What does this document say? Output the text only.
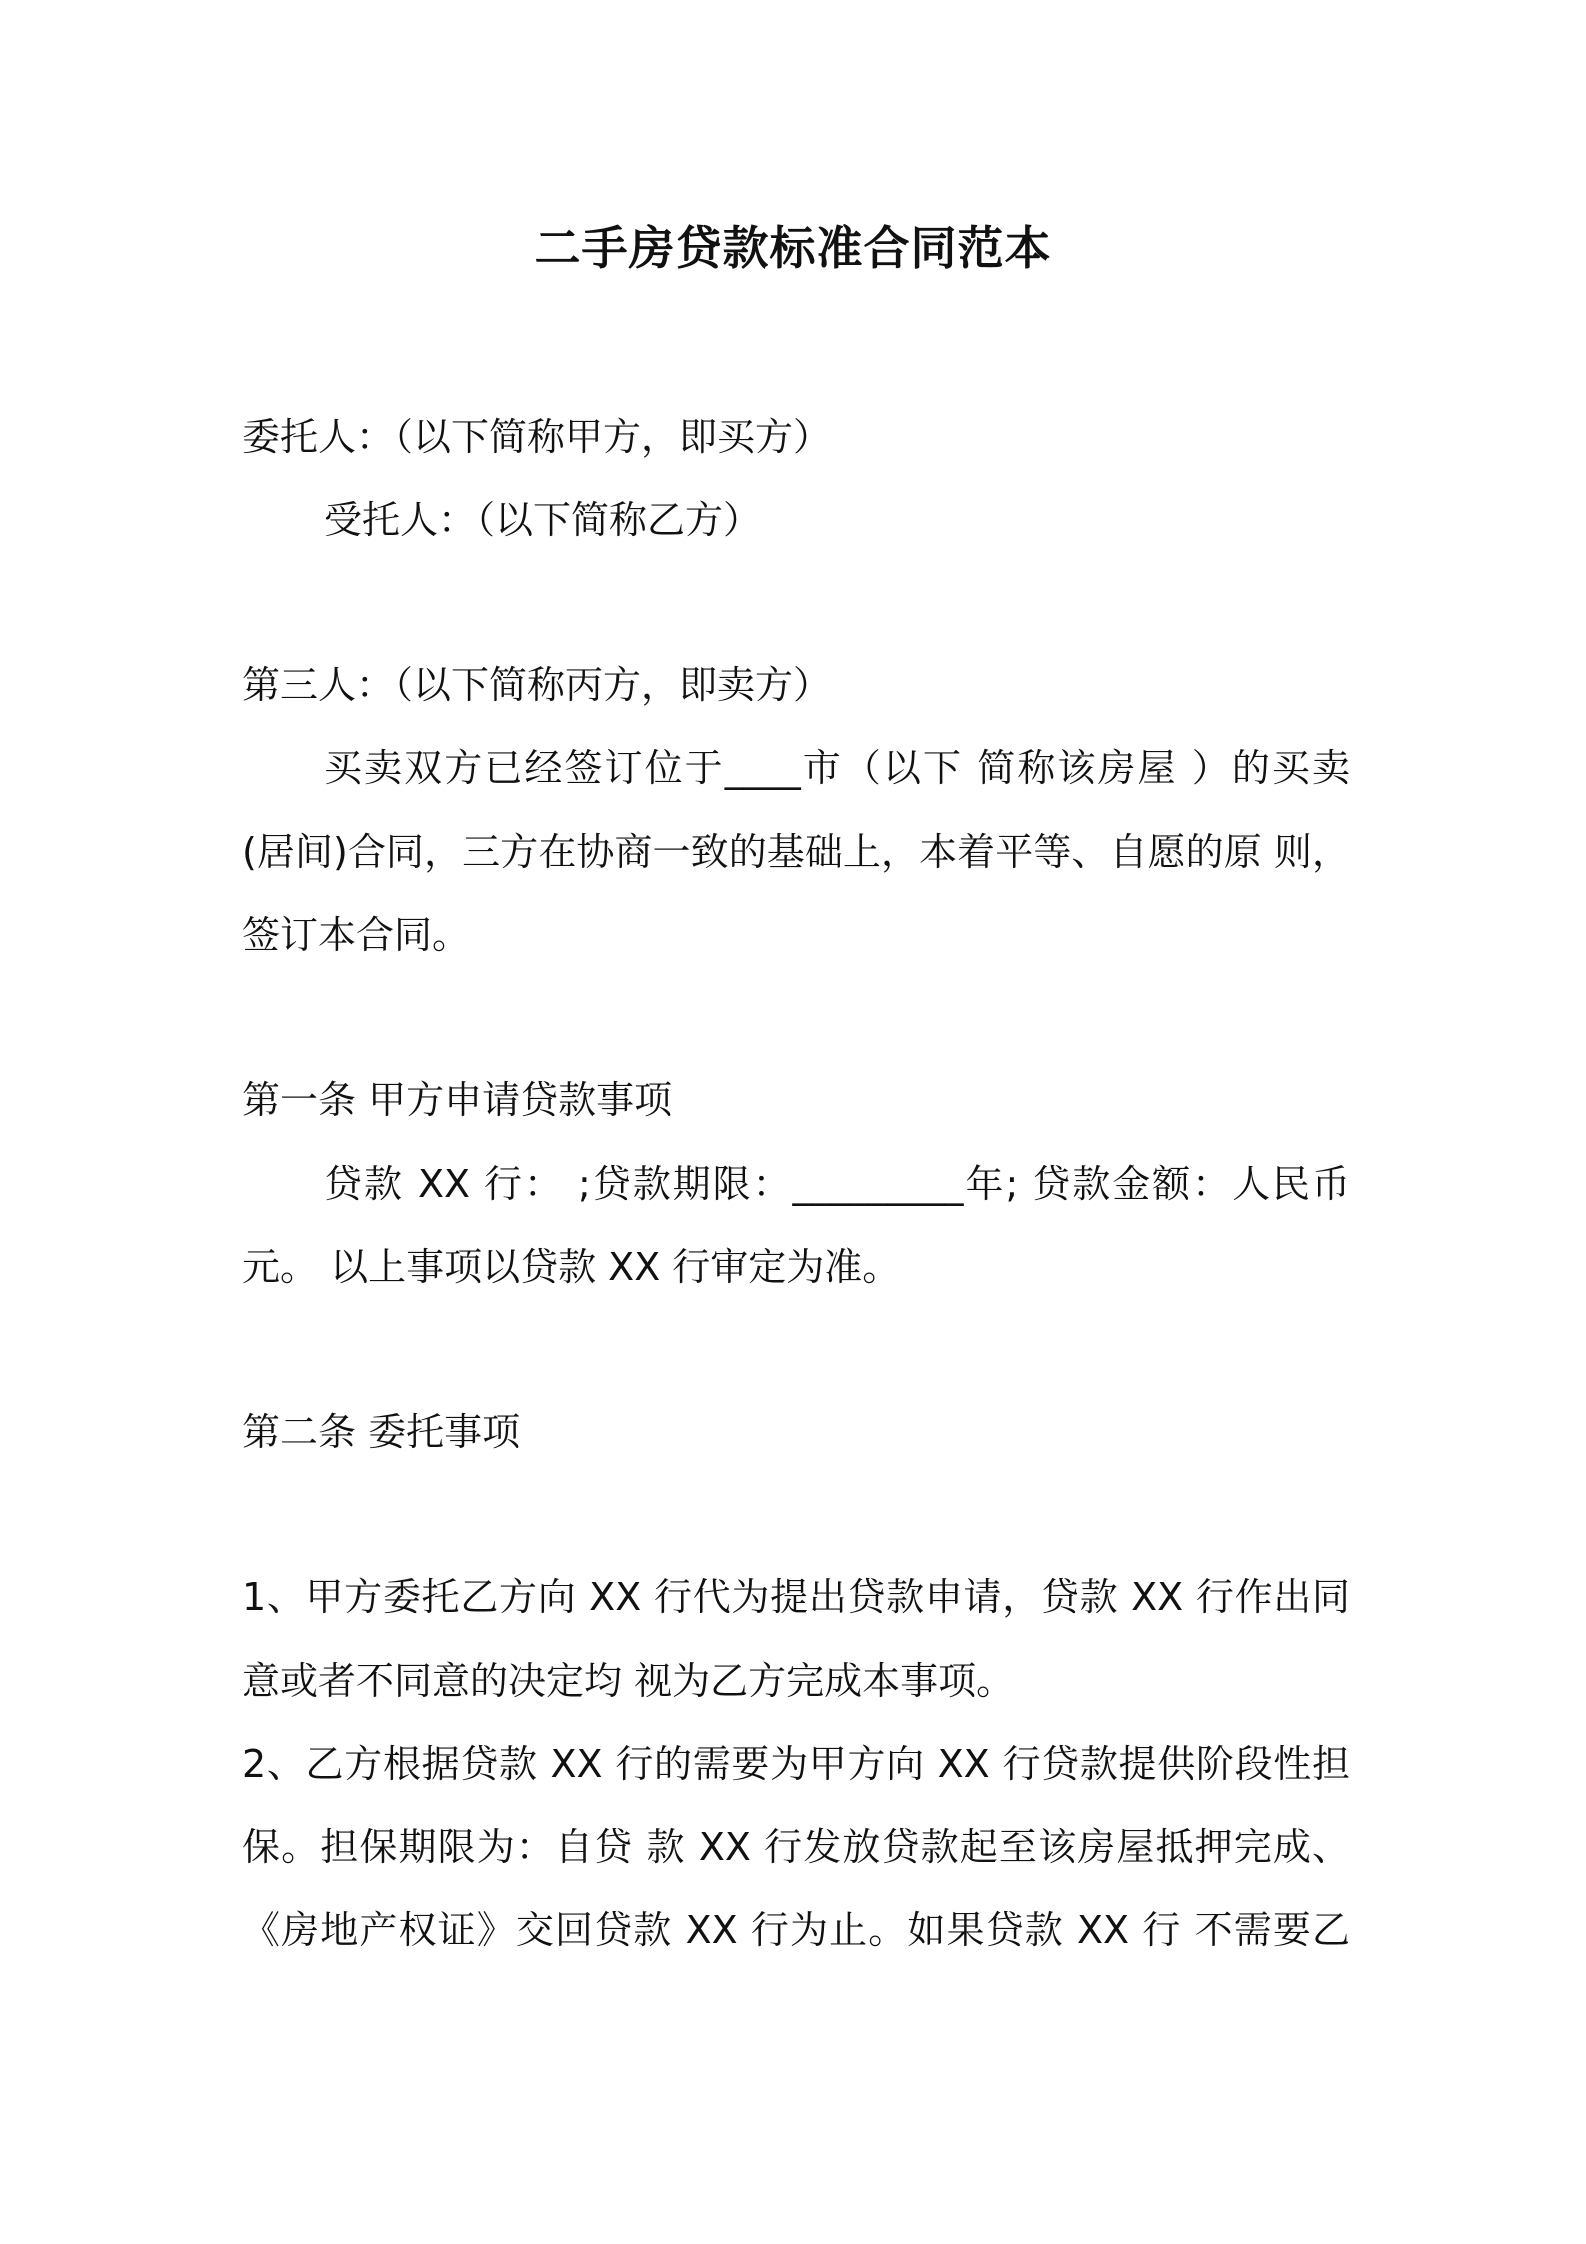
二手房贷款标准合同范本
委托人：（以下简称甲方，即买方）
受托人：（以下简称乙方）
第三人：（以下简称丙方，即卖方）
买卖双方已经签订位于____市（以下 简称该房屋 ）的买卖
(居间)合同，三方在协商一致的基础上，本着平等、自愿的原 则，
签订本合同。
第一条 甲方申请贷款事项
贷款 XX 行： ;贷款期限：_________年; 贷款金额：人民币
元。 以上事项以贷款 XX 行审定为准。
第二条 委托事项
1、甲方委托乙方向 XX 行代为提出贷款申请，贷款 XX 行作出同
意或者不同意的决定均 视为乙方完成本事项。
2、乙方根据贷款 XX 行的需要为甲方向 XX 行贷款提供阶段性担
保。担保期限为：自贷 款 XX 行发放贷款起至该房屋抵押完成、
《房地产权证》交回贷款 XX 行为止。如果贷款 XX 行 不需要乙
